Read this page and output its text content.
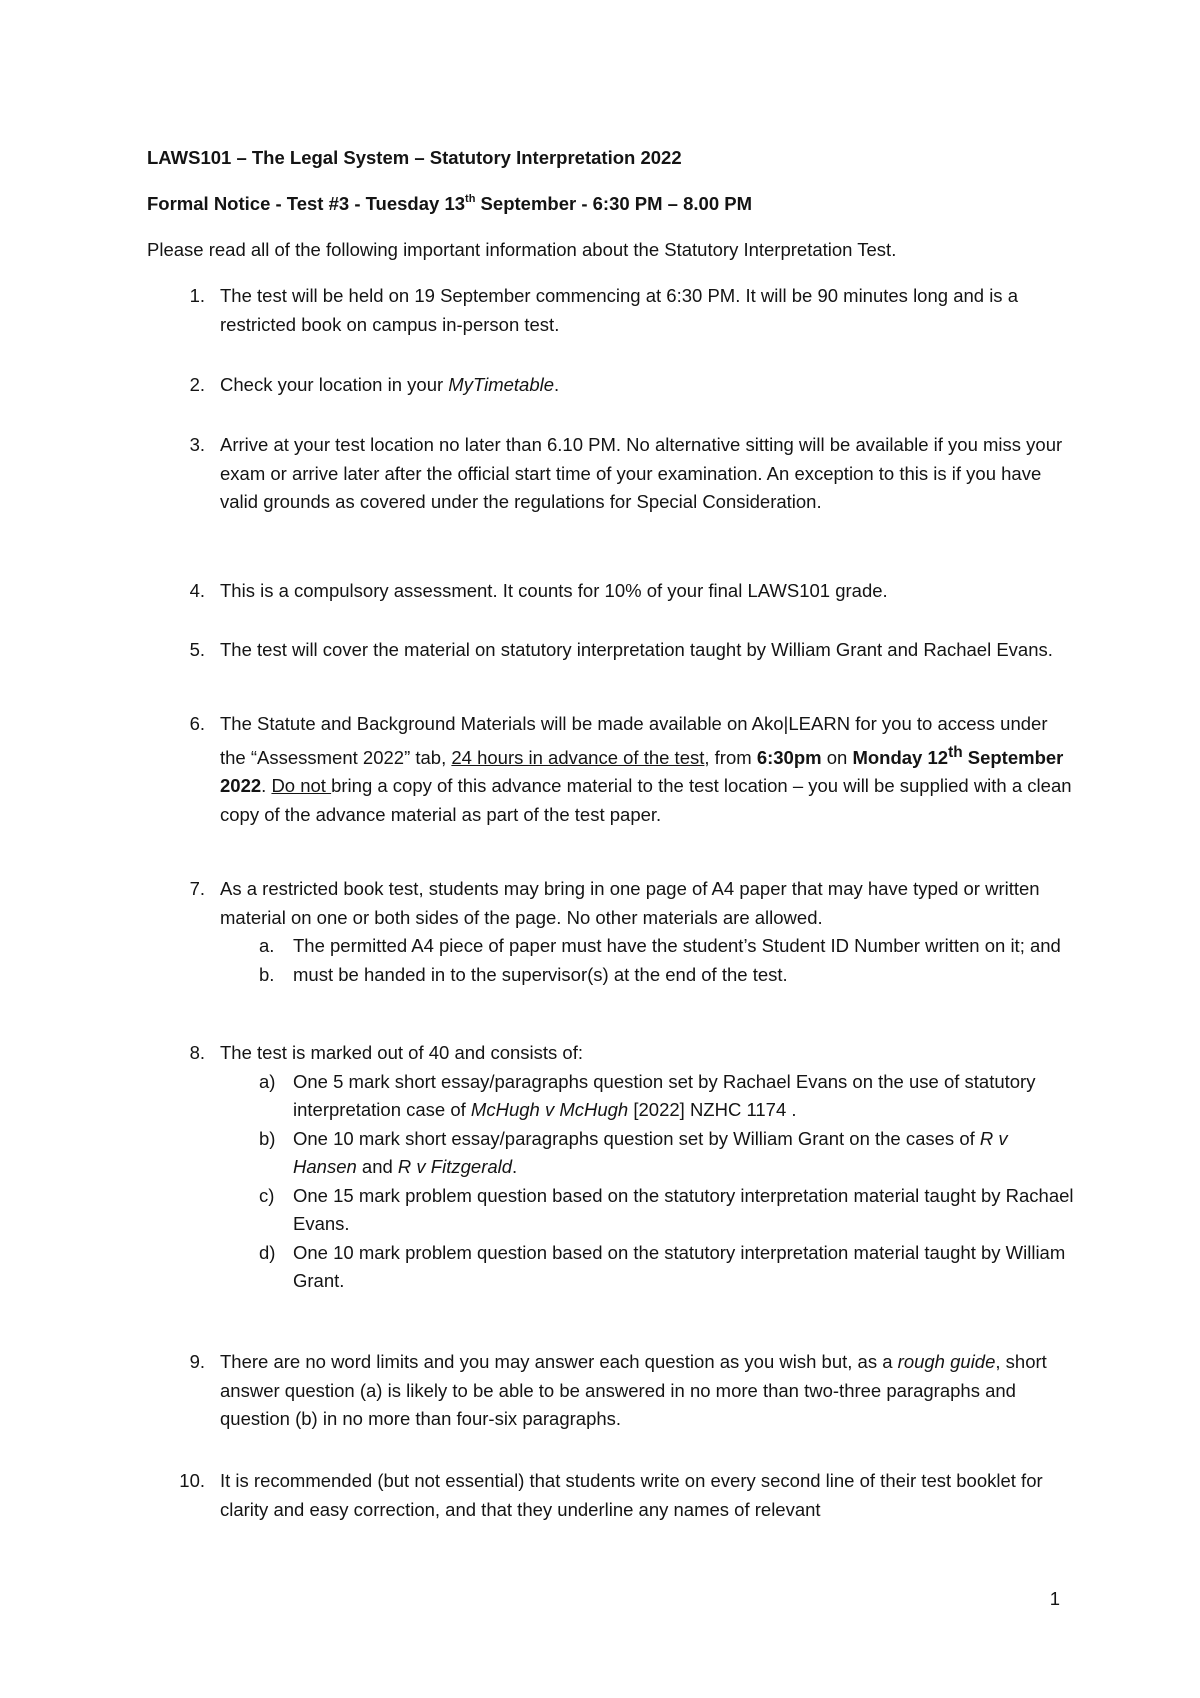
LAWS101 – The Legal System – Statutory Interpretation 2022
Formal Notice - Test #3 - Tuesday 13th September - 6:30 PM – 8.00 PM
Please read all of the following important information about the Statutory Interpretation Test.
1. The test will be held on 19 September commencing at 6:30 PM. It will be 90 minutes long and is a restricted book on campus in-person test.
2. Check your location in your MyTimetable.
3. Arrive at your test location no later than 6.10 PM. No alternative sitting will be available if you miss your exam or arrive later after the official start time of your examination. An exception to this is if you have valid grounds as covered under the regulations for Special Consideration.
4. This is a compulsory assessment. It counts for 10% of your final LAWS101 grade.
5. The test will cover the material on statutory interpretation taught by William Grant and Rachael Evans.
6. The Statute and Background Materials will be made available on Ako|LEARN for you to access under the “Assessment 2022” tab, 24 hours in advance of the test, from 6:30pm on Monday 12th September 2022. Do not bring a copy of this advance material to the test location – you will be supplied with a clean copy of the advance material as part of the test paper.
7. As a restricted book test, students may bring in one page of A4 paper that may have typed or written material on one or both sides of the page. No other materials are allowed.
a. The permitted A4 piece of paper must have the student’s Student ID Number written on it; and
b. must be handed in to the supervisor(s) at the end of the test.
8. The test is marked out of 40 and consists of:
a) One 5 mark short essay/paragraphs question set by Rachael Evans on the use of statutory interpretation case of McHugh v McHugh [2022] NZHC 1174 .
b) One 10 mark short essay/paragraphs question set by William Grant on the cases of R v Hansen and R v Fitzgerald.
c) One 15 mark problem question based on the statutory interpretation material taught by Rachael Evans.
d) One 10 mark problem question based on the statutory interpretation material taught by William Grant.
9. There are no word limits and you may answer each question as you wish but, as a rough guide, short answer question (a) is likely to be able to be answered in no more than two-three paragraphs and question (b) in no more than four-six paragraphs.
10. It is recommended (but not essential) that students write on every second line of their test booklet for clarity and easy correction, and that they underline any names of relevant
1
